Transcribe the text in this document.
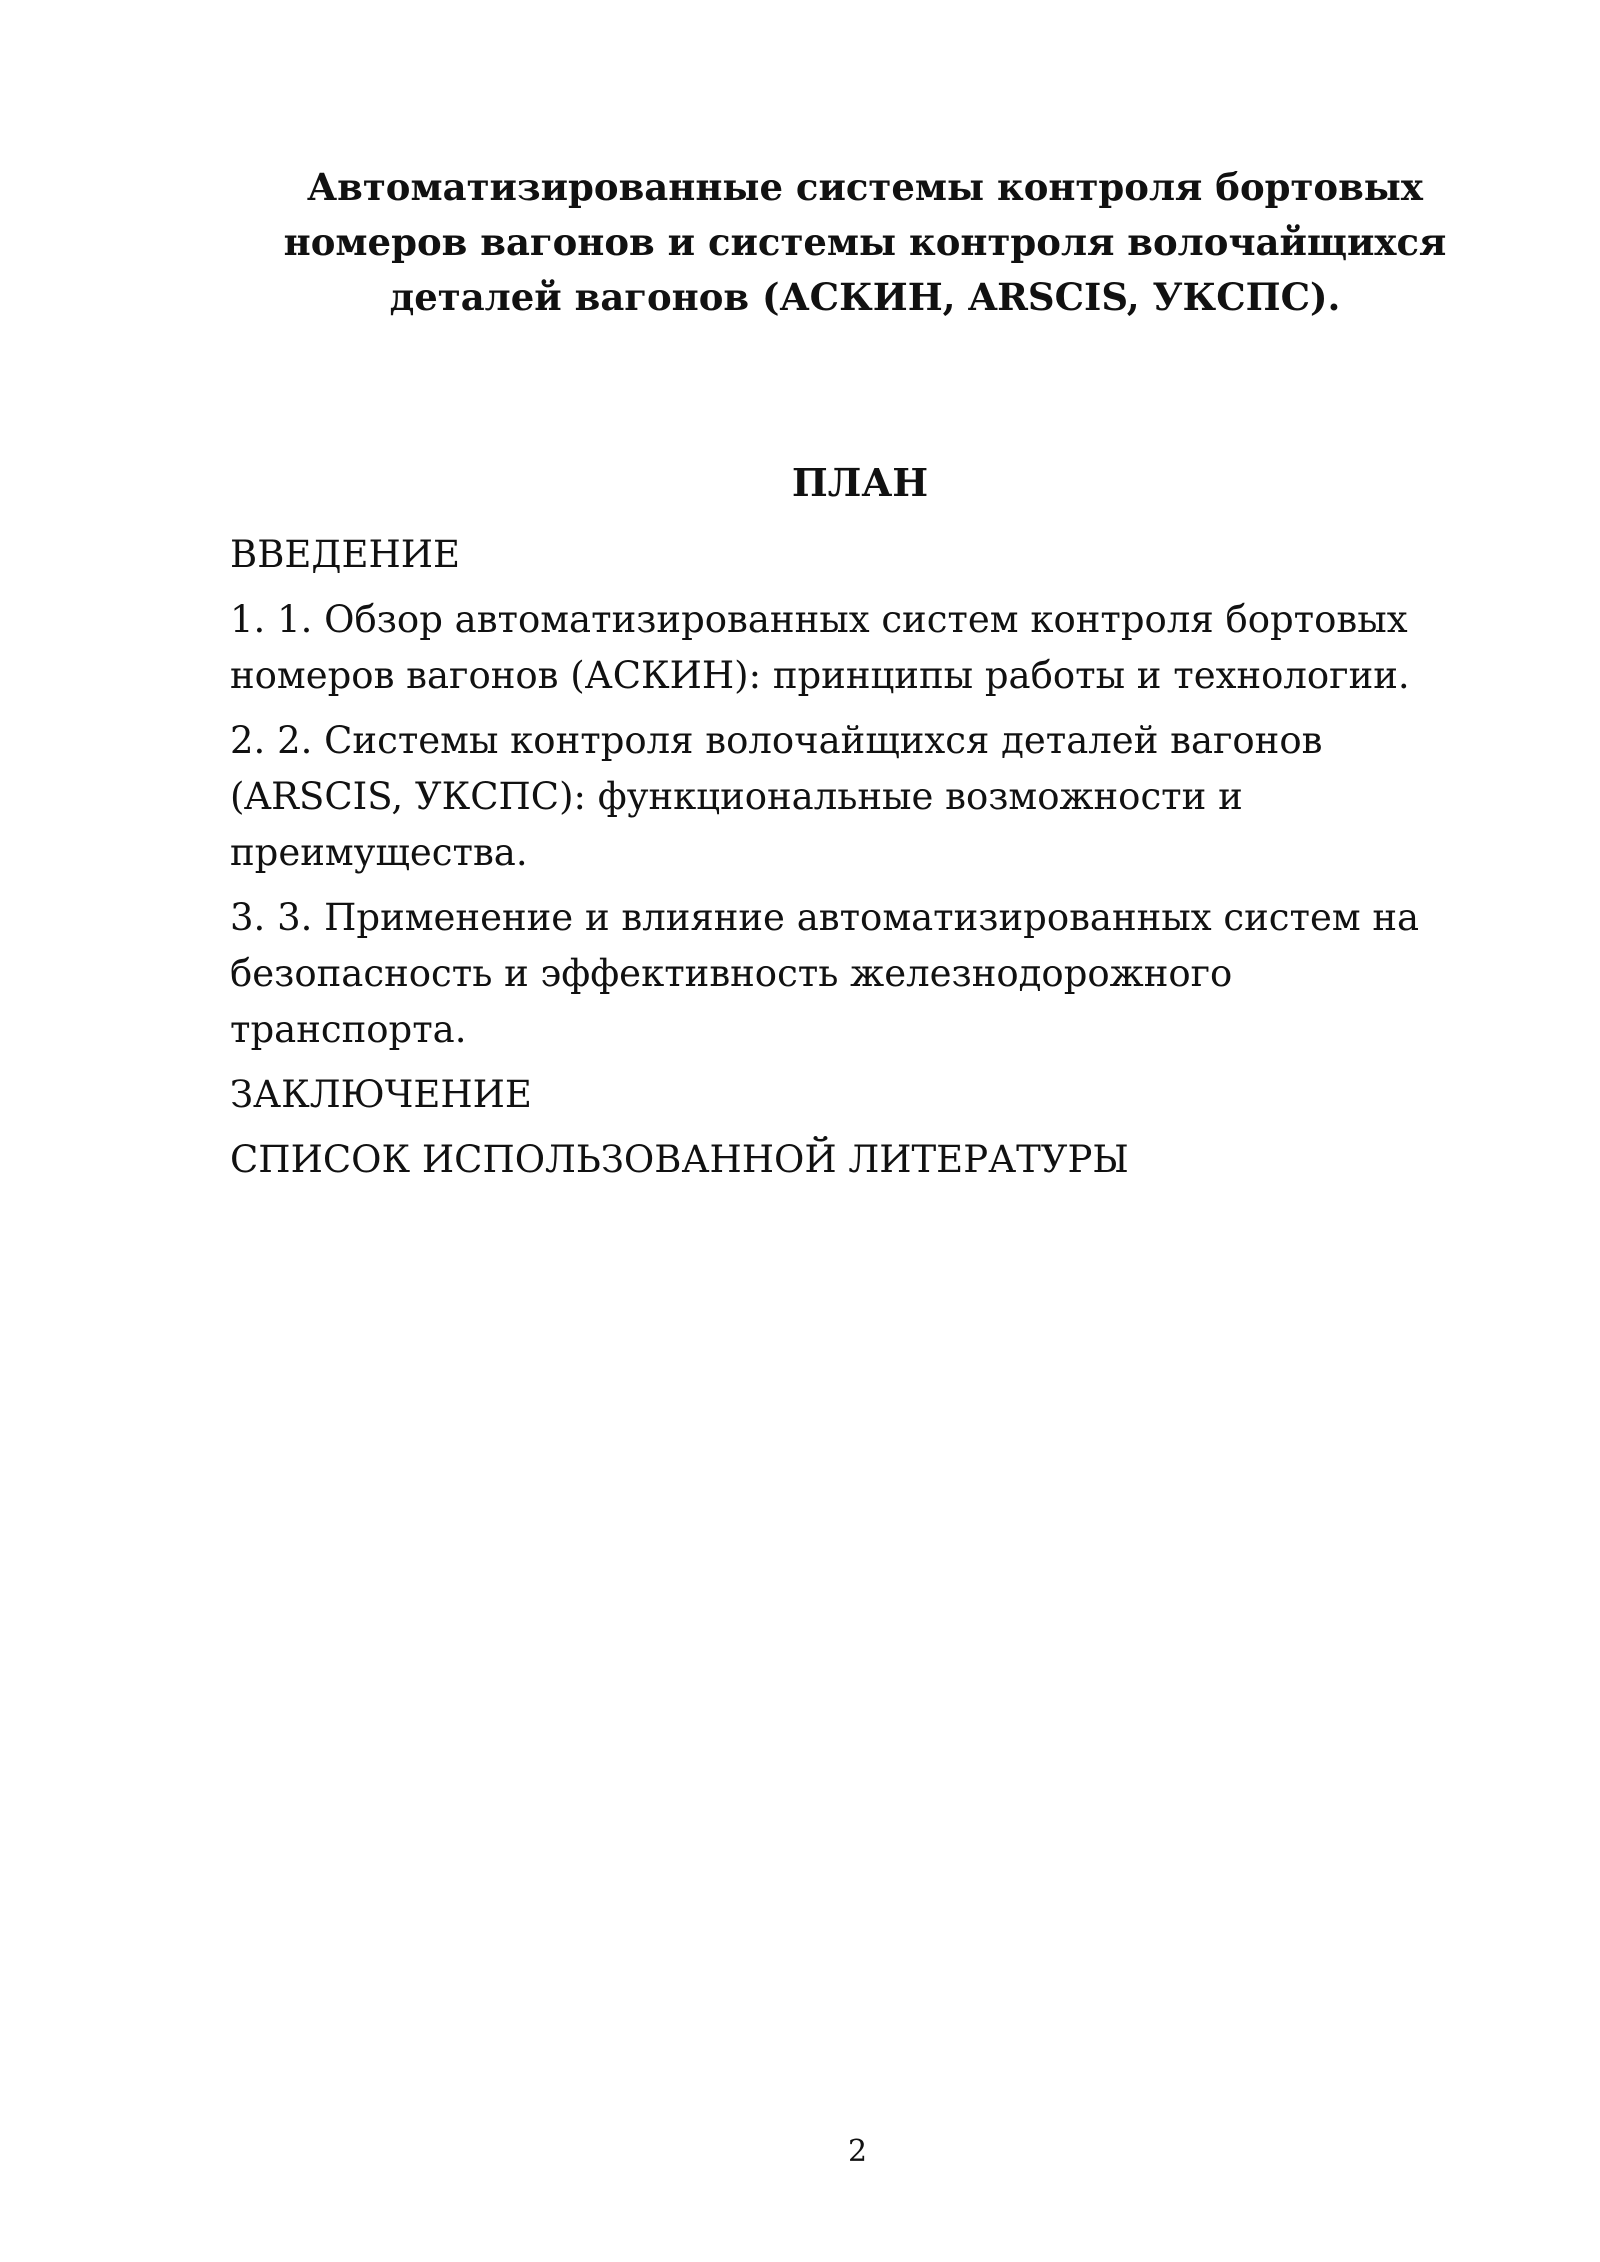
Автоматизированные системы контроля бортовых
номеров вагонов и системы контроля волочайщихся
деталей вагонов (АСКИН, ARSCIS, УКСПС).
ПЛАН
ВВЕДЕНИЕ
1. 1. Обзор автоматизированных систем контроля бортовых
номеров вагонов (АСКИН): принципы работы и технологии.
2. 2. Системы контроля волочайщихся деталей вагонов
(ARSCIS, УКСПС): функциональные возможности и
преимущества.
3. 3. Применение и влияние автоматизированных систем на
безопасность и эффективность железнодорожного
транспорта.
ЗАКЛЮЧЕНИЕ
СПИСОК ИСПОЛЬЗОВАННОЙ ЛИТЕРАТУРЫ
2
